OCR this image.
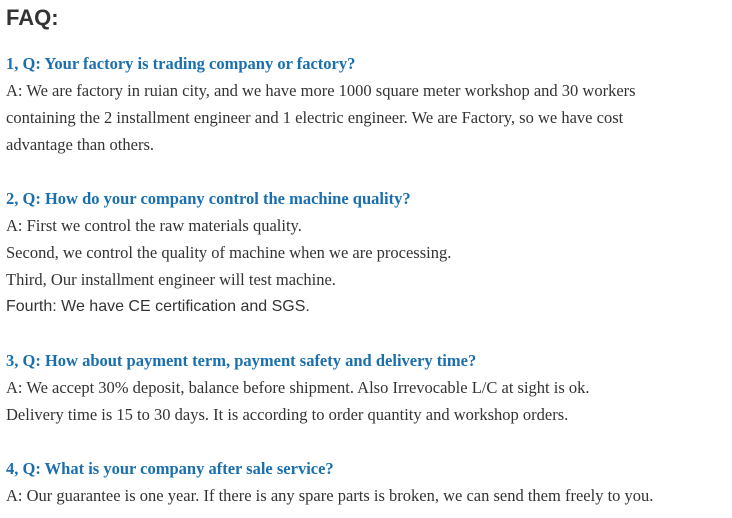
FAQ:
1, Q: Your factory is trading company or factory?
A: We are factory in ruian city, and we have more 1000 square meter workshop and 30 workers
containing the 2 installment engineer and 1 electric engineer. We are Factory, so we have cost
advantage than others.
2, Q: How do your company control the machine quality?
A: First we control the raw materials quality.
Second, we control the quality of machine when we are processing.
Third, Our installment engineer will test machine.
Fourth: We have CE certification and SGS.
3, Q: How about payment term, payment safety and delivery time?
A: We accept 30% deposit, balance before shipment. Also Irrevocable L/C at sight is ok.
Delivery time is 15 to 30 days. It is according to order quantity and workshop orders.
4, Q: What is your company after sale service?
A: Our guarantee is one year. If there is any spare parts is broken, we can send them freely to you.
